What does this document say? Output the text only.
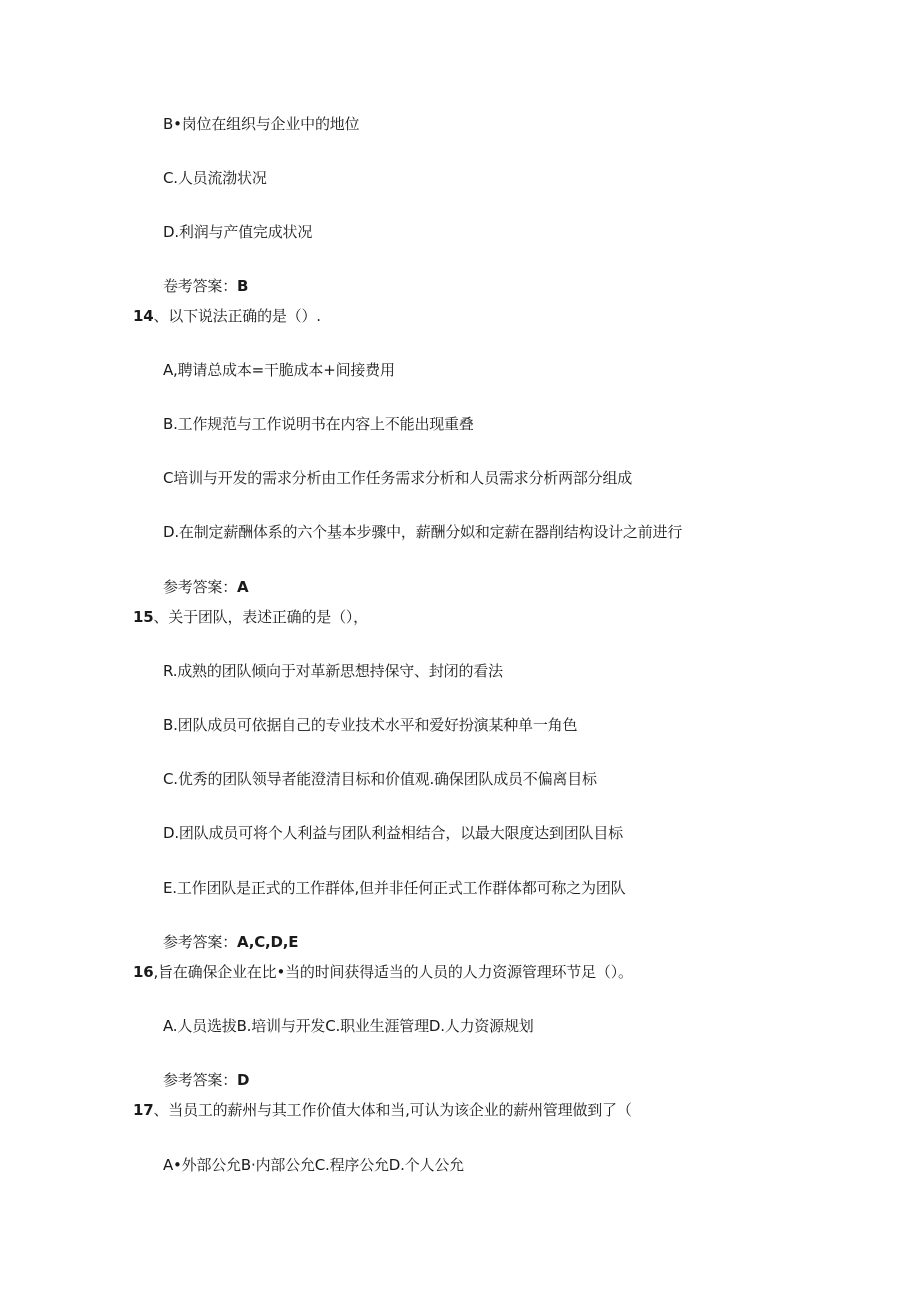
B•岗位在组织与企业中的地位
C.人员流渤状况
D.利润与产值完成状况
卷考答案：B
14、以下说法正确的是（）.
A,聘请总成本=干脆成本+间接费用
B.工作规范与工作说明书在内容上不能出现重叠
C培训与开发的需求分析由工作任务需求分析和人员需求分析两部分组成
D.在制定薪酬体系的六个基本步骤中，薪酬分姒和定薪在器削结构设计之前进行
参考答案：A
15、关于团队，表述正确的是（），
R.成熟的团队倾向于对革新思想持保守、封闭的看法
B.团队成员可依据自己的专业技术水平和爱好扮演某种单一角色
C.优秀的团队领导者能澄清目标和价值观.确保团队成员不偏离目标
D.团队成员可将个人利益与团队利益相结合，以最大限度达到团队目标
E.工作团队是正式的工作群体,但并非任何正式工作群体都可称之为团队
参考答案：A,C,D,E
16,旨在确保企业在比•当的时间获得适当的人员的人力资源管理环节足（）。
A.人员选拔B.培训与开发C.职业生涯管理D.人力资源规划
参考答案：D
17、当员工的薪州与其工作价值大体和当,可认为该企业的薪州管理做到了（
A•外部公允B·内部公允C.程序公允D.个人公允
